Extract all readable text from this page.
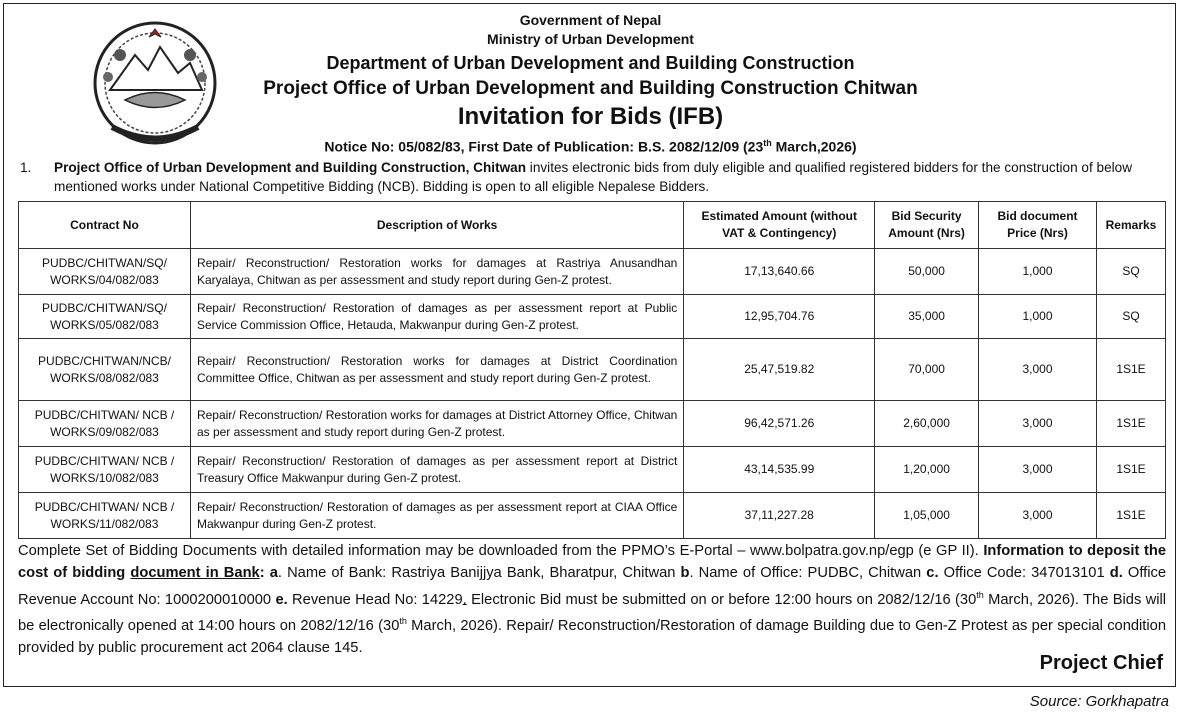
Government of Nepal
Ministry of Urban Development
Department of Urban Development and Building Construction
Project Office of Urban Development and Building Construction Chitwan
Invitation for Bids (IFB)
Notice No: 05/082/83, First Date of Publication: B.S. 2082/12/09 (23th March,2026)
1. Project Office of Urban Development and Building Construction, Chitwan invites electronic bids from duly eligible and qualified registered bidders for the construction of below mentioned works under National Competitive Bidding (NCB). Bidding is open to all eligible Nepalese Bidders.
Contract No	Description of Works	Estimated Amount (without VAT & Contingency)	Bid Security Amount (Nrs)	Bid document Price (Nrs)	Remarks
PUDBC/CHITWAN/SQ/ WORKS/04/082/083	Repair/ Reconstruction/ Restoration works for damages at Rastriya Anusandhan Karyalaya, Chitwan as per assessment and study report during Gen-Z protest.	17,13,640.66	50,000	1,000	SQ
PUDBC/CHITWAN/SQ/ WORKS/05/082/083	Repair/ Reconstruction/ Restoration of damages as per assessment report at Public Service Commission Office, Hetauda, Makwanpur during Gen-Z protest.	12,95,704.76	35,000	1,000	SQ
PUDBC/CHITWAN/NCB/ WORKS/08/082/083	Repair/ Reconstruction/ Restoration works for damages at District Coordination Committee Office, Chitwan as per assessment and study report during Gen-Z protest.	25,47,519.82	70,000	3,000	1S1E
PUDBC/CHITWAN/ NCB / WORKS/09/082/083	Repair/ Reconstruction/ Restoration works for damages at District Attorney Office, Chitwan as per assessment and study report during Gen-Z protest.	96,42,571.26	2,60,000	3,000	1S1E
PUDBC/CHITWAN/ NCB / WORKS/10/082/083	Repair/ Reconstruction/ Restoration of damages as per assessment report at District Treasury Office Makwanpur during Gen-Z protest.	43,14,535.99	1,20,000	3,000	1S1E
PUDBC/CHITWAN/ NCB / WORKS/11/082/083	Repair/ Reconstruction/ Restoration of damages as per assessment report at CIAA Office Makwanpur during Gen-Z protest.	37,11,227.28	1,05,000	3,000	1S1E
Complete Set of Bidding Documents with detailed information may be downloaded from the PPMO’s E-Portal – www.bolpatra.gov.np/egp (e GP II). Information to deposit the cost of bidding document in Bank: a. Name of Bank: Rastriya Banijjya Bank, Bharatpur, Chitwan b. Name of Office: PUDBC, Chitwan c. Office Code: 347013101 d. Office Revenue Account No: 1000200010000 e. Revenue Head No: 14229. Electronic Bid must be submitted on or before 12:00 hours on 2082/12/16 (30th March, 2026). The Bids will be electronically opened at 14:00 hours on 2082/12/16 (30th March, 2026). Repair/ Reconstruction/Restoration of damage Building due to Gen-Z Protest as per special condition provided by public procurement act 2064 clause 145.
Project Chief
Source: Gorkhapatra
